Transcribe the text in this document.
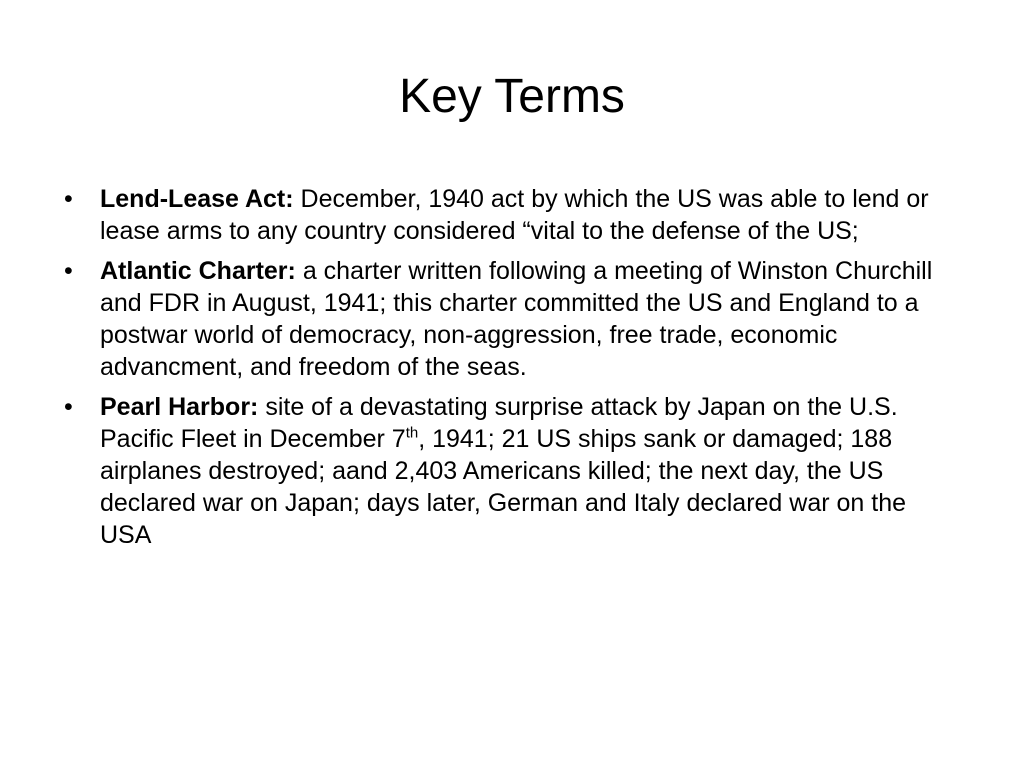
Key Terms
•	Lend-Lease Act: December, 1940 act by which the US was able to lend or lease arms to any country considered “vital to the defense of the US;
•	Atlantic Charter: a charter written following a meeting of Winston Churchill and FDR in August, 1941; this charter committed the US and England to a postwar world of democracy, non-aggression, free trade, economic advancment, and freedom of the seas.
•	Pearl Harbor: site of a devastating surprise attack by Japan on the U.S. Pacific Fleet in December 7th, 1941; 21 US ships sank or damaged; 188 airplanes destroyed; aand 2,403 Americans killed; the next day, the US declared war on Japan; days later, German and Italy declared war on the USA
